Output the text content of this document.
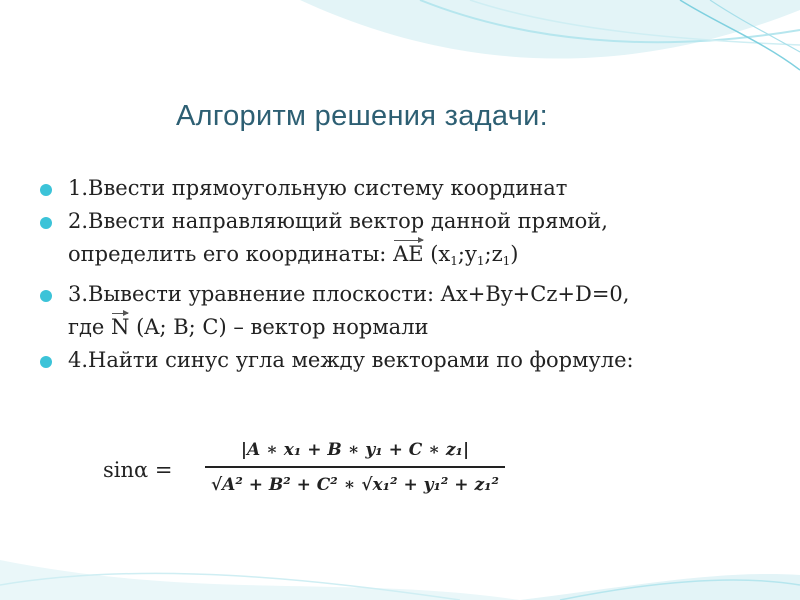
Алгоритм решения задачи:
1.Ввести прямоугольную систему координат
2.Ввести направляющий вектор данной прямой,
определить его координаты: AE $(x_1;y_1;z_1)$
3.Вывести уравнение плоскости: Ax+By+Cz+D=0,
где N (A; B; C) – вектор нормали
4.Найти синус угла между векторами по формуле:
sinα =
|A ∗ x₁ + B ∗ y₁ + C ∗ z₁|
√A² + B² + C² ∗ √x₁² + y₁² + z₁²
